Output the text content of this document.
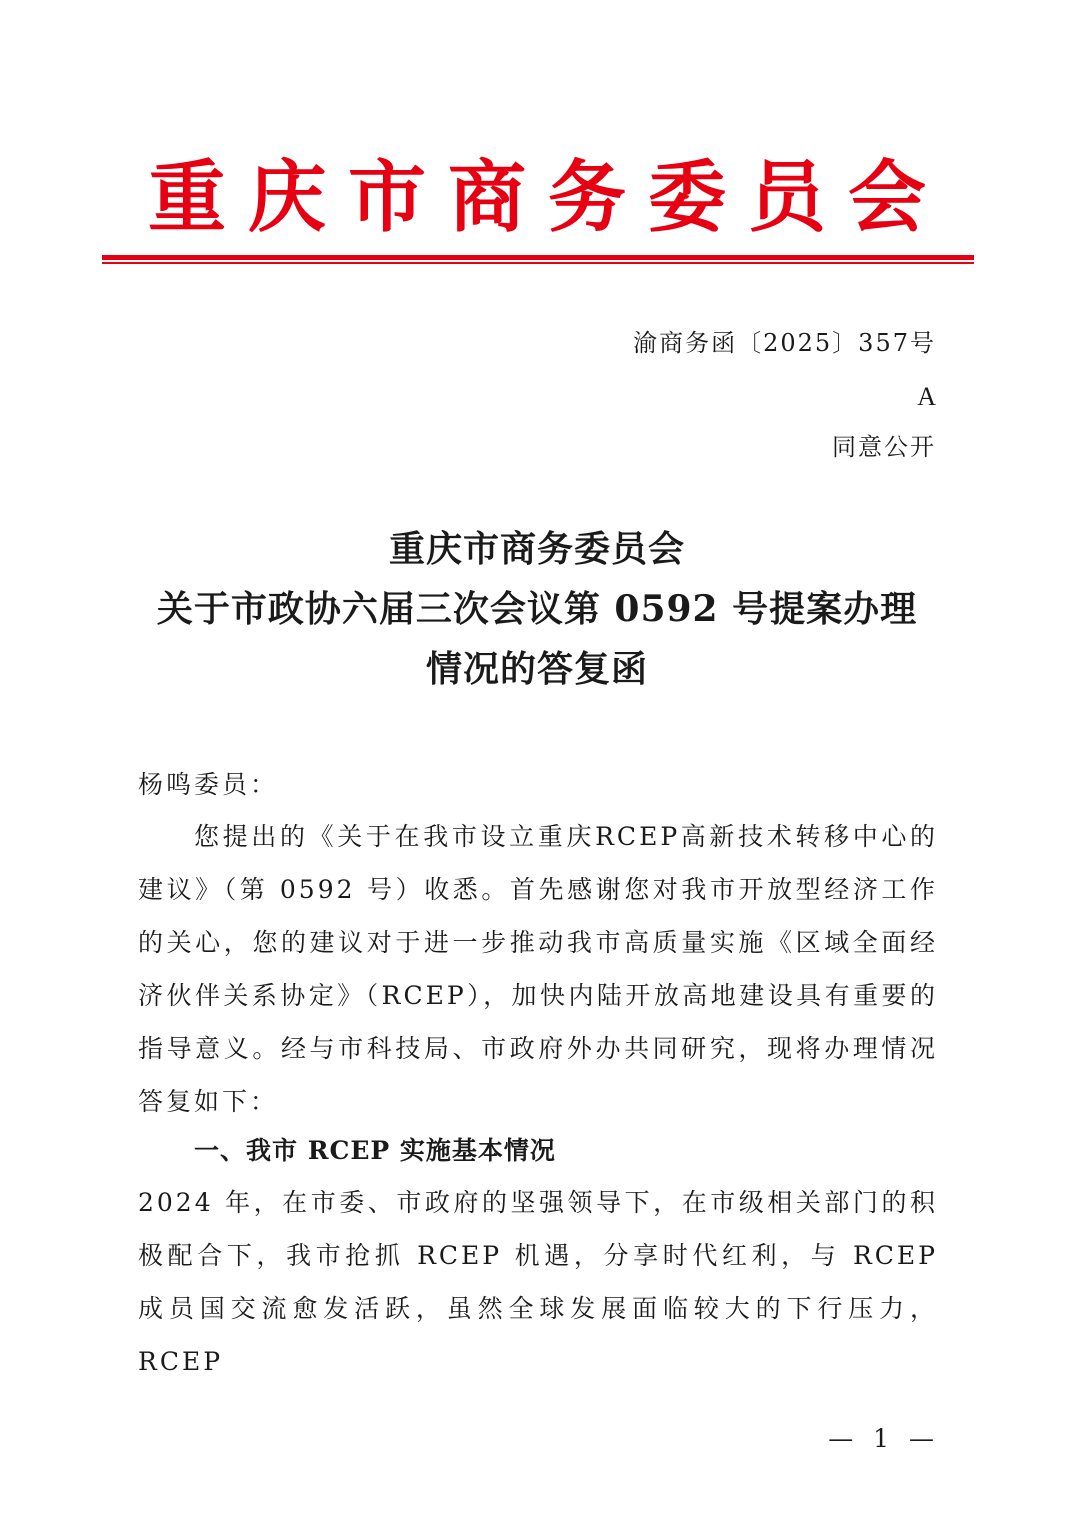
重庆市商务委员会
渝商务函〔2025〕357号
A
同意公开
重庆市商务委员会
关于市政协六届三次会议第 0592 号提案办理
情况的答复函
杨鸣委员：
您提出的《关于在我市设立重庆RCEP高新技术转移中心的建议》（第 0592 号）收悉。首先感谢您对我市开放型经济工作的关心，您的建议对于进一步推动我市高质量实施《区域全面经济伙伴关系协定》（RCEP），加快内陆开放高地建设具有重要的指导意义。经与市科技局、市政府外办共同研究，现将办理情况答复如下：
一、我市 RCEP 实施基本情况
2024 年，在市委、市政府的坚强领导下，在市级相关部门的积极配合下，我市抢抓 RCEP 机遇，分享时代红利，与 RCEP 成员国交流愈发活跃，虽然全球发展面临较大的下行压力，RCEP
— 1 —
